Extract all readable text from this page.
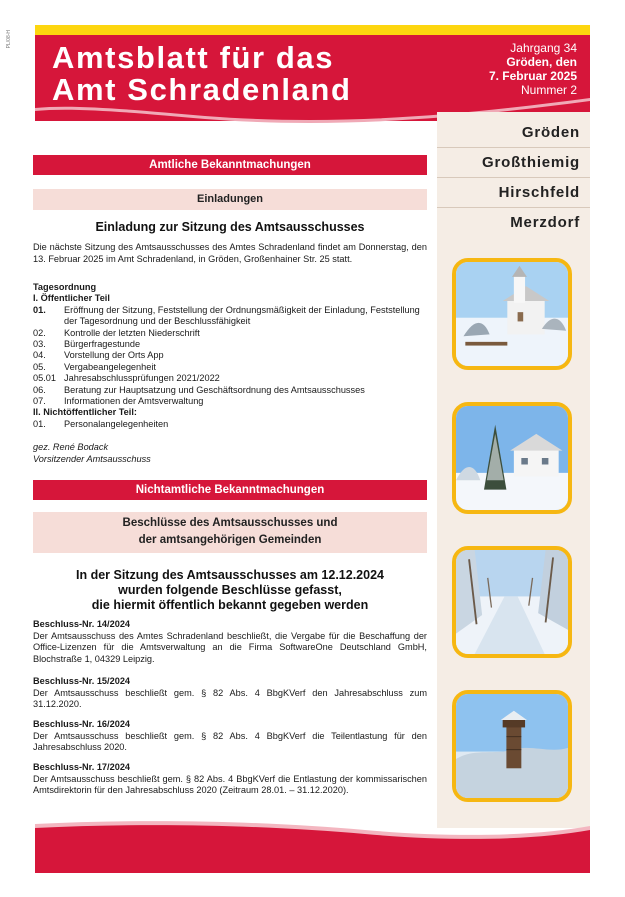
PL/08-H
Amtsblatt für das
Amt Schradenland
Jahrgang 34
Gröden, den
7. Februar 2025
Nummer 2
Gröden
Großthiemig
Hirschfeld
Merzdorf
Amtliche Bekanntmachungen
Einladungen
Einladung zur Sitzung des Amtsausschusses
Die nächste Sitzung des Amtsausschusses des Amtes Schradenland findet am Donnerstag, den 13. Februar 2025 im Amt Schradenland, in Gröden, Großenhainer Str. 25 statt.
Tagesordnung
I. Öffentlicher Teil
01.	Eröffnung der Sitzung, Feststellung der Ordnungsmäßigkeit der Einladung, Feststellung der Tagesordnung und der Beschlussfähigkeit
02.	Kontrolle der letzten Niederschrift
03.	Bürgerfragestunde
04.	Vorstellung der Orts App
05.	Vergabeangelegenheit
05.01 Jahresabschlussprüfungen 2021/2022
06.	Beratung zur Hauptsatzung und Geschäftsordnung des Amtsausschusses
07.	Informationen der Amtsverwaltung
II. Nichtöffentlicher Teil:
01.	Personalangelegenheiten
gez. René Bodack
Vorsitzender Amtsausschuss
Nichtamtliche Bekanntmachungen
Beschlüsse des Amtsausschusses und
der amtsangehörigen Gemeinden
In der Sitzung des Amtsausschusses am 12.12.2024
wurden folgende Beschlüsse gefasst,
die hiermit öffentlich bekannt gegeben werden
Beschluss-Nr. 14/2024
Der Amtsausschuss des Amtes Schradenland beschließt, die Vergabe für die Beschaffung der Office-Lizenzen für die Amtsverwaltung an die Firma SoftwareOne Deutschland GmbH, Blochstraße 1, 04329 Leipzig.
Beschluss-Nr. 15/2024
Der Amtsausschuss beschließt gem. § 82 Abs. 4 BbgKVerf den Jahresabschluss zum 31.12.2020.
Beschluss-Nr. 16/2024
Der Amtsausschuss beschließt gem. § 82 Abs. 4 BbgKVerf die Teilentlastung für den Jahresabschluss 2020.
Beschluss-Nr. 17/2024
Der Amtsausschuss beschließt gem. § 82 Abs. 4 BbgKVerf die Entlastung der kommissarischen Amtsdirektorin für den Jahresabschluss 2020 (Zeitraum 28.01. – 31.12.2020).
